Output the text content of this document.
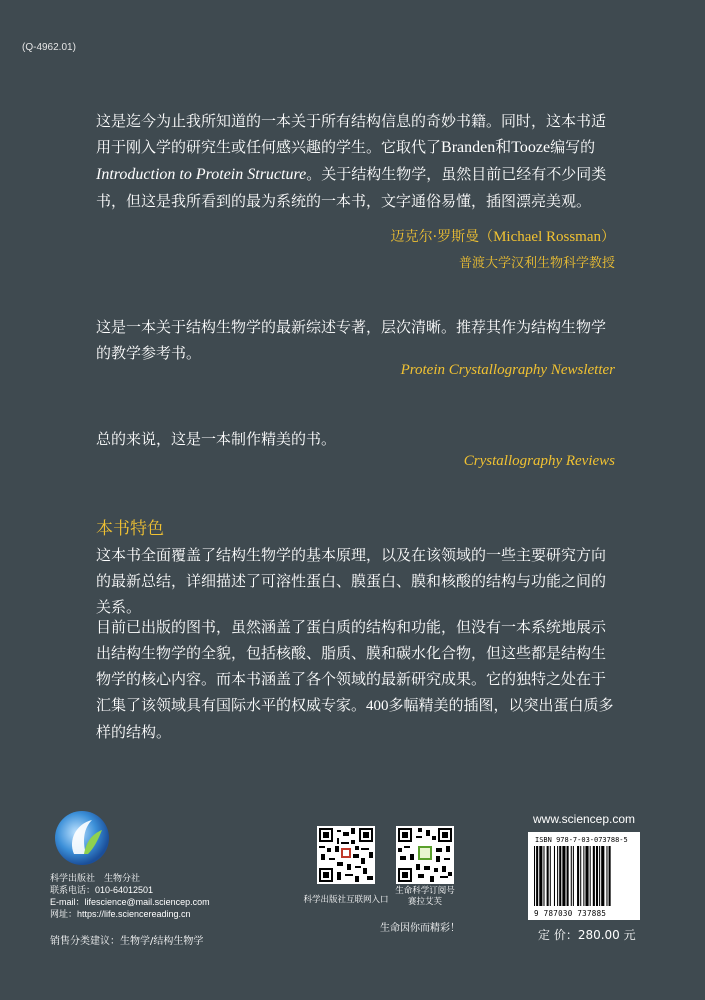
(Q-4962.01)
这是迄今为止我所知道的一本关于所有结构信息的奇妙书籍。同时，这本书适用于刚入学的研究生或任何感兴趣的学生。它取代了Branden和Tooze编写的Introduction to Protein Structure。关于结构生物学，虽然目前已经有不少同类书，但这是我所看到的最为系统的一本书，文字通俗易懂，插图漂亮美观。
迈克尔·罗斯曼（Michael Rossman）
普渡大学汉利生物科学教授
这是一本关于结构生物学的最新综述专著，层次清晰。推荐其作为结构生物学的教学参考书。
Protein Crystallography Newsletter
总的来说，这是一本制作精美的书。
Crystallography Reviews
本书特色
这本书全面覆盖了结构生物学的基本原理，以及在该领域的一些主要研究方向的最新总结，详细描述了可溶性蛋白、膜蛋白、膜和核酸的结构与功能之间的关系。
目前已出版的图书，虽然涵盖了蛋白质的结构和功能，但没有一本系统地展示出结构生物学的全貌，包括核酸、脂质、膜和碳水化合物，但这些都是结构生物学的核心内容。而本书涵盖了各个领域的最新研究成果。它的独特之处在于汇集了该领域具有国际水平的权威专家。400多幅精美的插图，以突出蛋白质多样的结构。
科学出版社　生物分社
联系电话：010-64012501
E-mail：lifescience@mail.sciencep.com
网址：https://life.sciencereading.cn
销售分类建议：生物学/结构生物学
科学出版社互联网入口
生命科学订阅号
赛拉艾芙
生命因你而精彩！
www.sciencep.com
ISBN 978-7-03-073788-5
9 787030 737885
定 价：280.00 元
